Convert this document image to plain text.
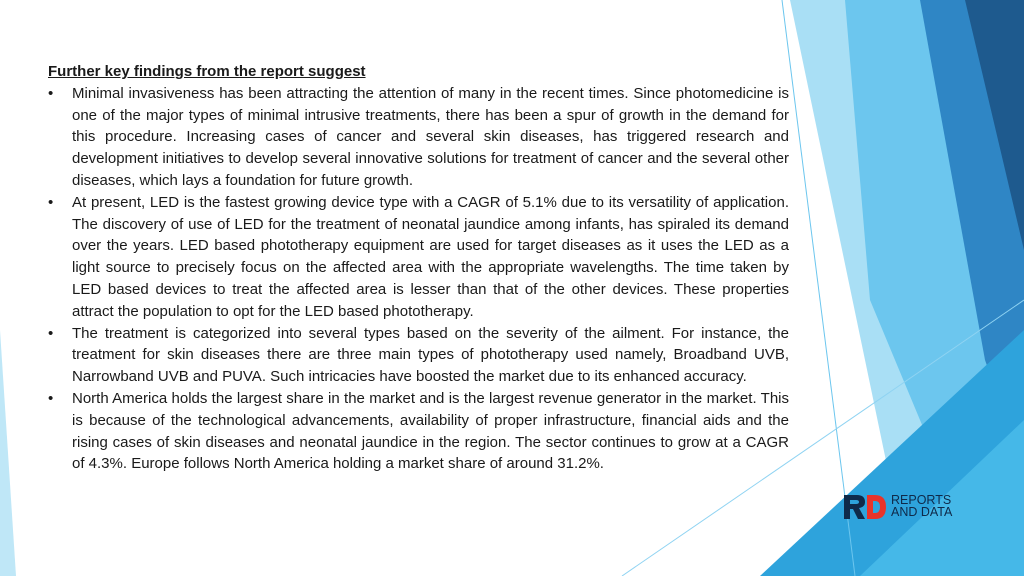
Further key findings from the report suggest

• Minimal invasiveness has been attracting the attention of many in the recent times. Since photomedicine is one of the major types of minimal intrusive treatments, there has been a spur of growth in the demand for this procedure. Increasing cases of cancer and several skin diseases, has triggered research and development initiatives to develop several innovative solutions for treatment of cancer and the several other diseases, which lays a foundation for future growth.
• At present, LED is the fastest growing device type with a CAGR of 5.1% due to its versatility of application. The discovery of use of LED for the treatment of neonatal jaundice among infants, has spiraled its demand over the years. LED based phototherapy equipment are used for target diseases as it uses the LED as a light source to precisely focus on the affected area with the appropriate wavelengths. The time taken by LED based devices to treat the affected area is lesser than that of the other devices. These properties attract the population to opt for the LED based phototherapy.
• The treatment is categorized into several types based on the severity of the ailment. For instance, the treatment for skin diseases there are three main types of phototherapy used namely, Broadband UVB, Narrowband UVB and PUVA. Such intricacies have boosted the market due to its enhanced accuracy.
• North America holds the largest share in the market and is the largest revenue generator in the market. This is because of the technological advancements, availability of proper infrastructure, financial aids and the rising cases of skin diseases and neonatal jaundice in the region. The sector continues to grow at a CAGR of 4.3%. Europe follows North America holding a market share of around 31.2%.
REPORTS
AND DATA
